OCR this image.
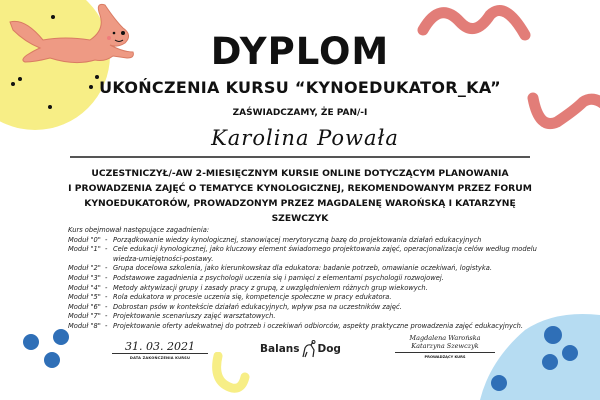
DYPLOM
UKOŃCZENIA KURSU “KYNOEDUKATOR_KA”
ZAŚWIADCZAMY, ŻE PAN/-I
Karolina Powała
UCZESTNICZYŁ/-AW 2-MIESIĘCZNYM KURSIE ONLINE DOTYCZĄCYM PLANOWANIA
I PROWADZENIA ZAJĘĆ O TEMATYCE KYNOLOGICZNEJ, REKOMENDOWANYM PRZEZ FORUM
KYNOEDUKATORÓW, PROWADZONYM PRZEZ MAGDALENĘ WAROŃSKĄ I KATARZYNĘ SZEWCZYK
Kurs obejmował następujące zagadnienia:
Moduł "0" - Porządkowanie wiedzy kynologicznej, stanowiącej merytoryczną bazę do projektowania działań edukacyjnych
Moduł "1" - Cele edukacji kynologicznej, jako kluczowy element świadomego projektowania zajęć, operacjonalizacja celów według modelu wiedza-umiejętności-postawy.
Moduł "2" - Grupa docelowa szkolenia, jako kierunkowskaz dla edukatora: badanie potrzeb, omawianie oczekiwań, logistyka.
Moduł "3" - Podstawowe zagadnienia z psychologii uczenia się i pamięci z elementami psychologii rozwojowej.
Moduł "4" - Metody aktywizacji grupy i zasady pracy z grupą, z uwzględnieniem różnych grup wiekowych.
Moduł "5" - Rola edukatora w procesie uczenia się, kompetencje społeczne w pracy edukatora.
Moduł "6" - Dobrostan psów w kontekście działań edukacyjnych, wpływ psa na uczestników zajęć.
Moduł "7" - Projektowanie scenariuszy zajęć warsztatowych.
Moduł "8" - Projektowanie oferty adekwatnej do potrzeb i oczekiwań odbiorców, aspekty praktyczne prowadzenia zajęć edukacyjnych.
31. 03. 2021
DATA ZAKOŃCZENIA KURSU
Balans Dog
Magdalena Warońska
Katarzyna Szewczyk
PROWADZĄCY KURS
